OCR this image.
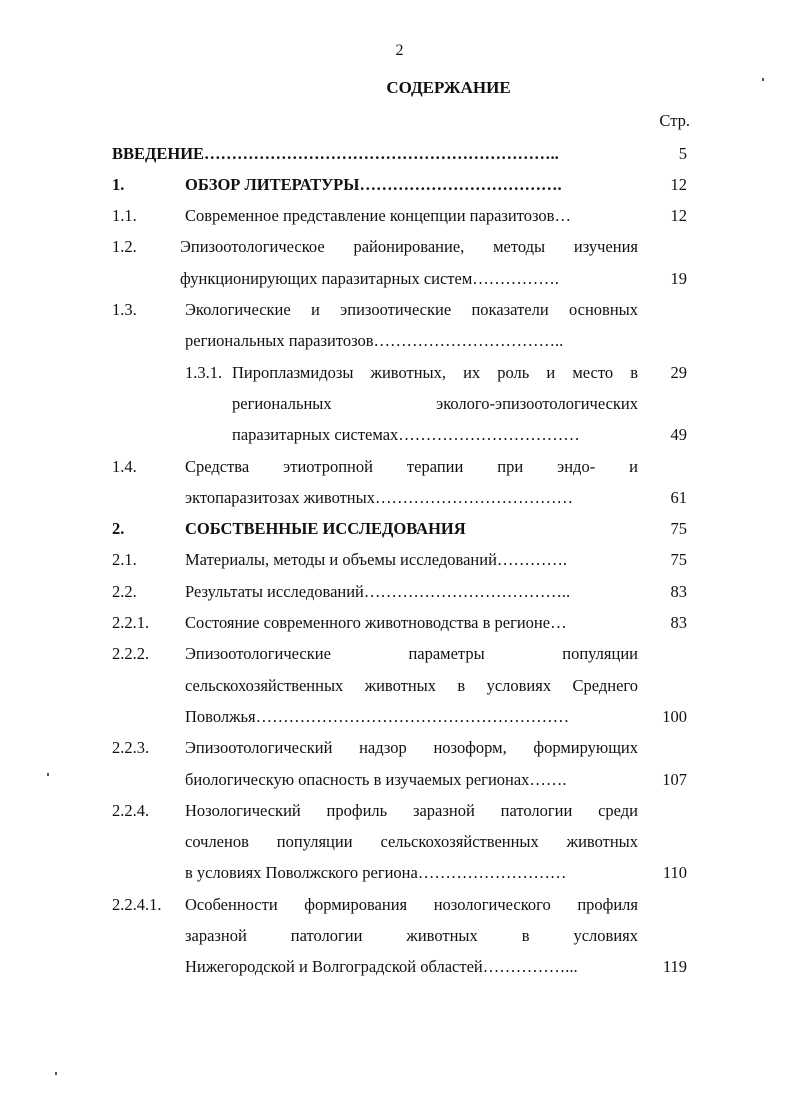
2
СОДЕРЖАНИЕ
Стр.
ВВЕДЕНИЕ………………………………………………………..	5
1.	ОБЗОР ЛИТЕРАТУРЫ……………………………….	12
1.1.	Современное представление концепции паразитозов…	12
1.2.	Эпизоотологическое районирование, методы изучения
функционирующих паразитарных систем…………….	19
1.3.	Экологические и эпизоотические показатели основных
региональных паразитозов……………………………..
1.3.1. Пироплазмидозы животных, их роль и место в	29
региональных эколого-эпизоотологических
паразитарных системах……………………………	49
1.4.	Средства этиотропной терапии при эндо- и
эктопаразитозах животных………………………………	61
2.	СОБСТВЕННЫЕ ИССЛЕДОВАНИЯ	75
2.1.	Материалы, методы и объемы исследований………….	75
2.2.	Результаты исследований………………………………..	83
2.2.1. Состояние современного животноводства в регионе…	83
2.2.2. Эпизоотологические параметры популяции
сельскохозяйственных животных в условиях Среднего
Поволжья…………………………………………………	100
2.2.3. Эпизоотологический надзор нозоформ, формирующих
биологическую опасность в изучаемых регионах…….	107
2.2.4. Нозологический профиль заразной патологии среди
сочленов популяции сельскохозяйственных животных
в условиях Поволжского региона………………………	110
2.2.4.1. Особенности формирования нозологического профиля
заразной патологии животных в условиях
Нижегородской и Волгоградской областей……………...	119
